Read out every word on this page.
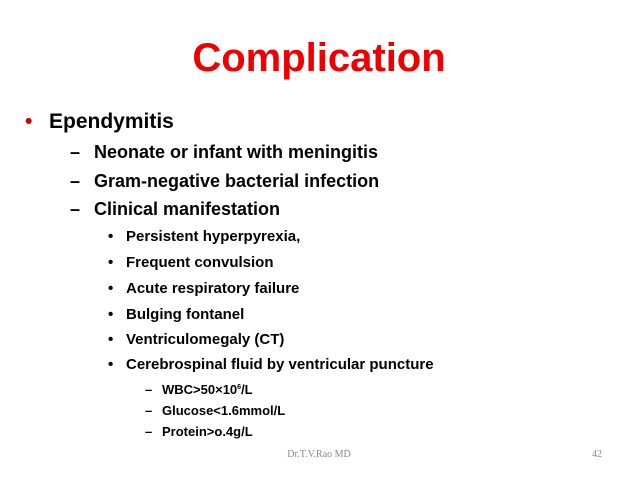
Complication
• Ependymitis
– Neonate or infant with meningitis
– Gram-negative bacterial infection
– Clinical manifestation
• Persistent hyperpyrexia,
• Frequent convulsion
• Acute respiratory failure
• Bulging fontanel
• Ventriculomegaly (CT)
• Cerebrospinal fluid by ventricular puncture
– $WBC>50\times 10^6/L$
– Glucose<1.6mmol/L
– Protein>o.4g/L
Dr.T.V.Rao MD	42
